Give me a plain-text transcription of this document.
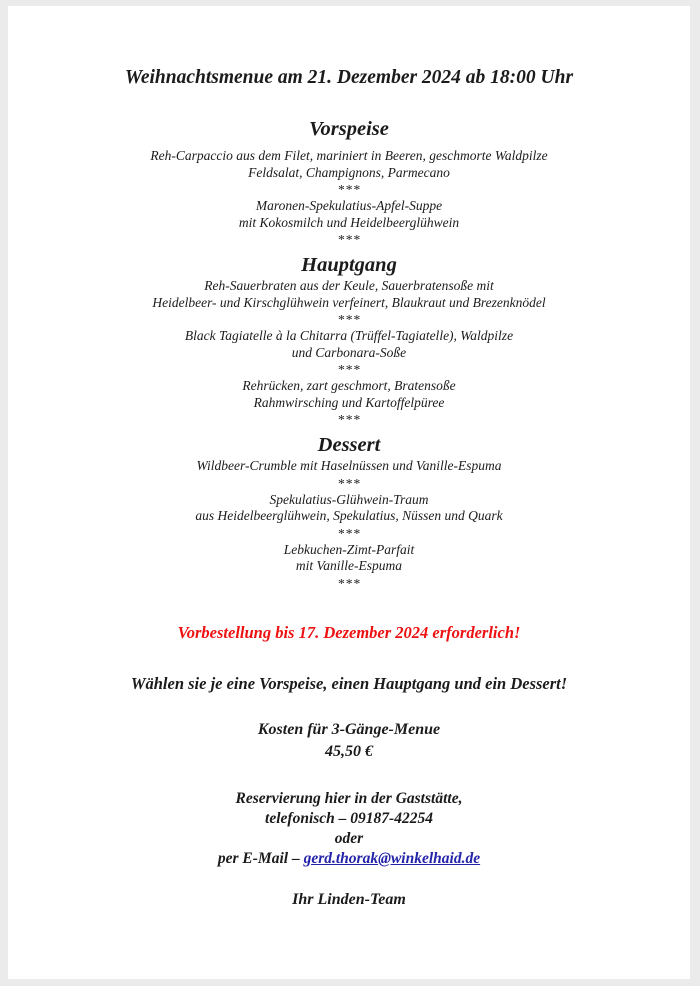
Weihnachtsmenue am 21. Dezember 2024 ab 18:00 Uhr
Vorspeise
Reh-Carpaccio aus dem Filet, mariniert in Beeren, geschmorte Waldpilze
Feldsalat, Champignons, Parmecano
***
Maronen-Spekulatius-Apfel-Suppe
mit Kokosmilch und Heidelbeerglühwein
***
Hauptgang
Reh-Sauerbraten aus der Keule, Sauerbratensoße mit
Heidelbeer- und Kirschglühwein verfeinert, Blaukraut und Brezenknödel
***
Black Tagiatelle à la Chitarra (Trüffel-Tagiatelle), Waldpilze
und Carbonara-Soße
***
Rehrücken, zart geschmort, Bratensoße
Rahmwirsching und Kartoffelpüree
***
Dessert
Wildbeer-Crumble mit Haselnüssen und Vanille-Espuma
***
Spekulatius-Glühwein-Traum
aus Heidelbeerglühwein, Spekulatius, Nüssen und Quark
***
Lebkuchen-Zimt-Parfait
mit Vanille-Espuma
***
Vorbestellung bis 17. Dezember 2024 erforderlich!
Wählen sie je eine Vorspeise, einen Hauptgang und ein Dessert!
Kosten für 3-Gänge-Menue
45,50 €
Reservierung hier in der Gaststätte,
telefonisch – 09187-42254
oder
per E-Mail – gerd.thorak@winkelhaid.de
Ihr Linden-Team
